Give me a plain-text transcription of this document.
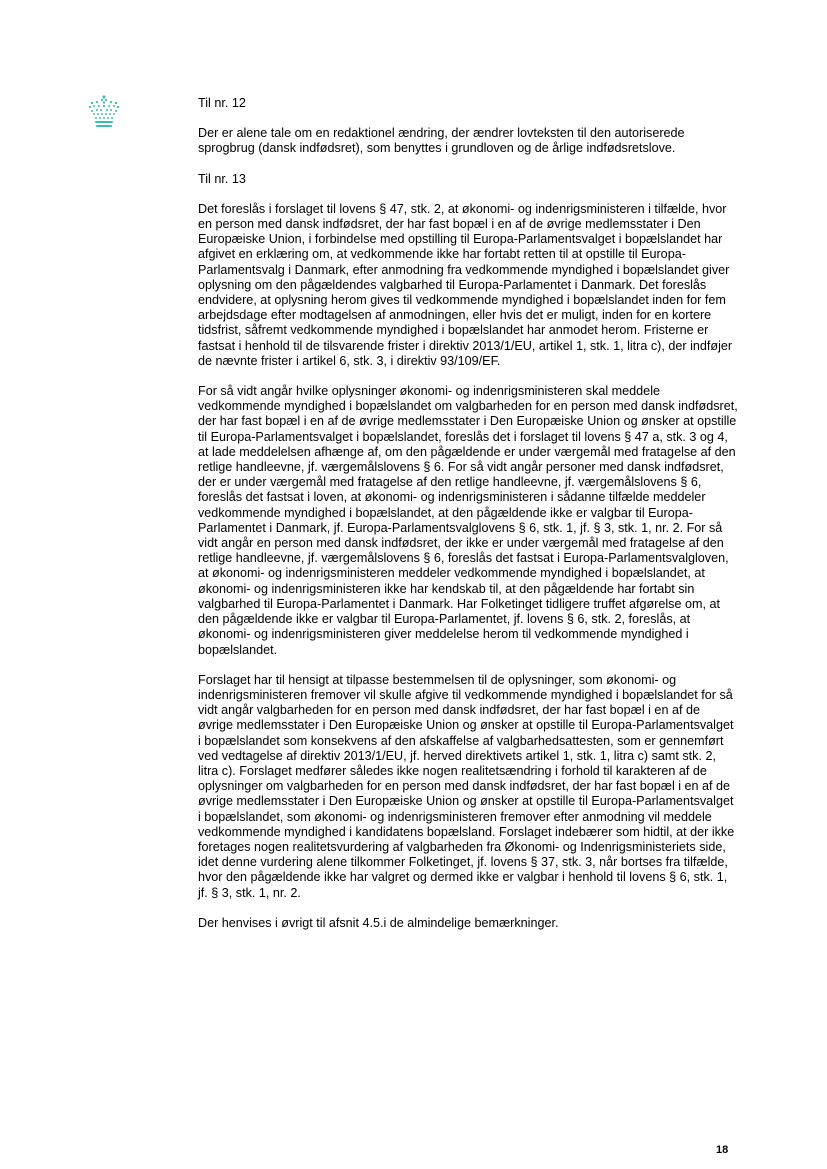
Til nr. 12

Der er alene tale om en redaktionel ændring, der ændrer lovteksten til den autoriserede sprogbrug (dansk indfødsret), som benyttes i grundloven og de årlige indfødsretslove.

Til nr. 13

Det foreslås i forslaget til lovens § 47, stk. 2, at økonomi- og indenrigsministeren i tilfælde, hvor en person med dansk indfødsret, der har fast bopæl i en af de øvrige medlemsstater i Den Europæiske Union, i forbindelse med opstilling til Europa-Parlamentsvalget i bopælslandet har afgivet en erklæring om, at vedkommende ikke har fortabt retten til at opstille til Europa-Parlamentsvalg i Danmark, efter anmodning fra vedkommende myndighed i bopælslandet giver oplysning om den pågældendes valgbarhed til Europa-Parlamentet i Danmark. Det foreslås endvidere, at oplysning herom gives til vedkommende myndighed i bopælslandet inden for fem arbejdsdage efter modtagelsen af anmodningen, eller hvis det er muligt, inden for en kortere tidsfrist, såfremt vedkommende myndighed i bopælslandet har anmodet herom. Fristerne er fastsat i henhold til de tilsvarende frister i direktiv 2013/1/EU, artikel 1, stk. 1, litra c), der indføjer de nævnte frister i artikel 6, stk. 3, i direktiv 93/109/EF.

For så vidt angår hvilke oplysninger økonomi- og indenrigsministeren skal meddele vedkommende myndighed i bopælslandet om valgbarheden for en person med dansk indfødsret, der har fast bopæl i en af de øvrige medlemsstater i Den Europæiske Union og ønsker at opstille til Europa-Parlamentsvalget i bopælslandet, foreslås det i forslaget til lovens § 47 a, stk. 3 og 4, at lade meddelelsen afhænge af, om den pågældende er under værgemål med fratagelse af den retlige handleevne, jf. værgemålslovens § 6. For så vidt angår personer med dansk indfødsret, der er under værgemål med fratagelse af den retlige handleevne, jf. værgemålslovens § 6, foreslås det fastsat i loven, at økonomi- og indenrigsministeren i sådanne tilfælde meddeler vedkommende myndighed i bopælslandet, at den pågældende ikke er valgbar til Europa-Parlamentet i Danmark, jf. Europa-Parlamentsvalglovens § 6, stk. 1, jf. § 3, stk. 1, nr. 2. For så vidt angår en person med dansk indfødsret, der ikke er under værgemål med fratagelse af den retlige handleevne, jf. værgemålslovens § 6, foreslås det fastsat i Europa-Parlamentsvalgloven, at økonomi- og indenrigsministeren meddeler vedkommende myndighed i bopælslandet, at økonomi- og indenrigsministeren ikke har kendskab til, at den pågældende har fortabt sin valgbarhed til Europa-Parlamentet i Danmark. Har Folketinget tidligere truffet afgørelse om, at den pågældende ikke er valgbar til Europa-Parlamentet, jf. lovens § 6, stk. 2, foreslås, at økonomi- og indenrigsministeren giver meddelelse herom til vedkommende myndighed i bopælslandet.

Forslaget har til hensigt at tilpasse bestemmelsen til de oplysninger, som økonomi- og indenrigsministeren fremover vil skulle afgive til vedkommende myndighed i bopælslandet for så vidt angår valgbarheden for en person med dansk indfødsret, der har fast bopæl i en af de øvrige medlemsstater i Den Europæiske Union og ønsker at opstille til Europa-Parlamentsvalget i bopælslandet som konsekvens af den afskaffelse af valgbarhedsattesten, som er gennemført ved vedtagelse af direktiv 2013/1/EU, jf. herved direktivets artikel 1, stk. 1, litra c) samt stk. 2, litra c). Forslaget medfører således ikke nogen realitetsændring i forhold til karakteren af de oplysninger om valgbarheden for en person med dansk indfødsret, der har fast bopæl i en af de øvrige medlemsstater i Den Europæiske Union og ønsker at opstille til Europa-Parlamentsvalget i bopælslandet, som økonomi- og indenrigsministeren fremover efter anmodning vil meddele vedkommende myndighed i kandidatens bopælsland. Forslaget indebærer som hidtil, at der ikke foretages nogen realitetsvurdering af valgbarheden fra Økonomi- og Indenrigsministeriets side, idet denne vurdering alene tilkommer Folketinget, jf. lovens § 37, stk. 3, når bortses fra tilfælde, hvor den pågældende ikke har valgret og dermed ikke er valgbar i henhold til lovens § 6, stk. 1, jf. § 3, stk. 1, nr. 2.

Der henvises i øvrigt til afsnit 4.5.i de almindelige bemærkninger.

18
